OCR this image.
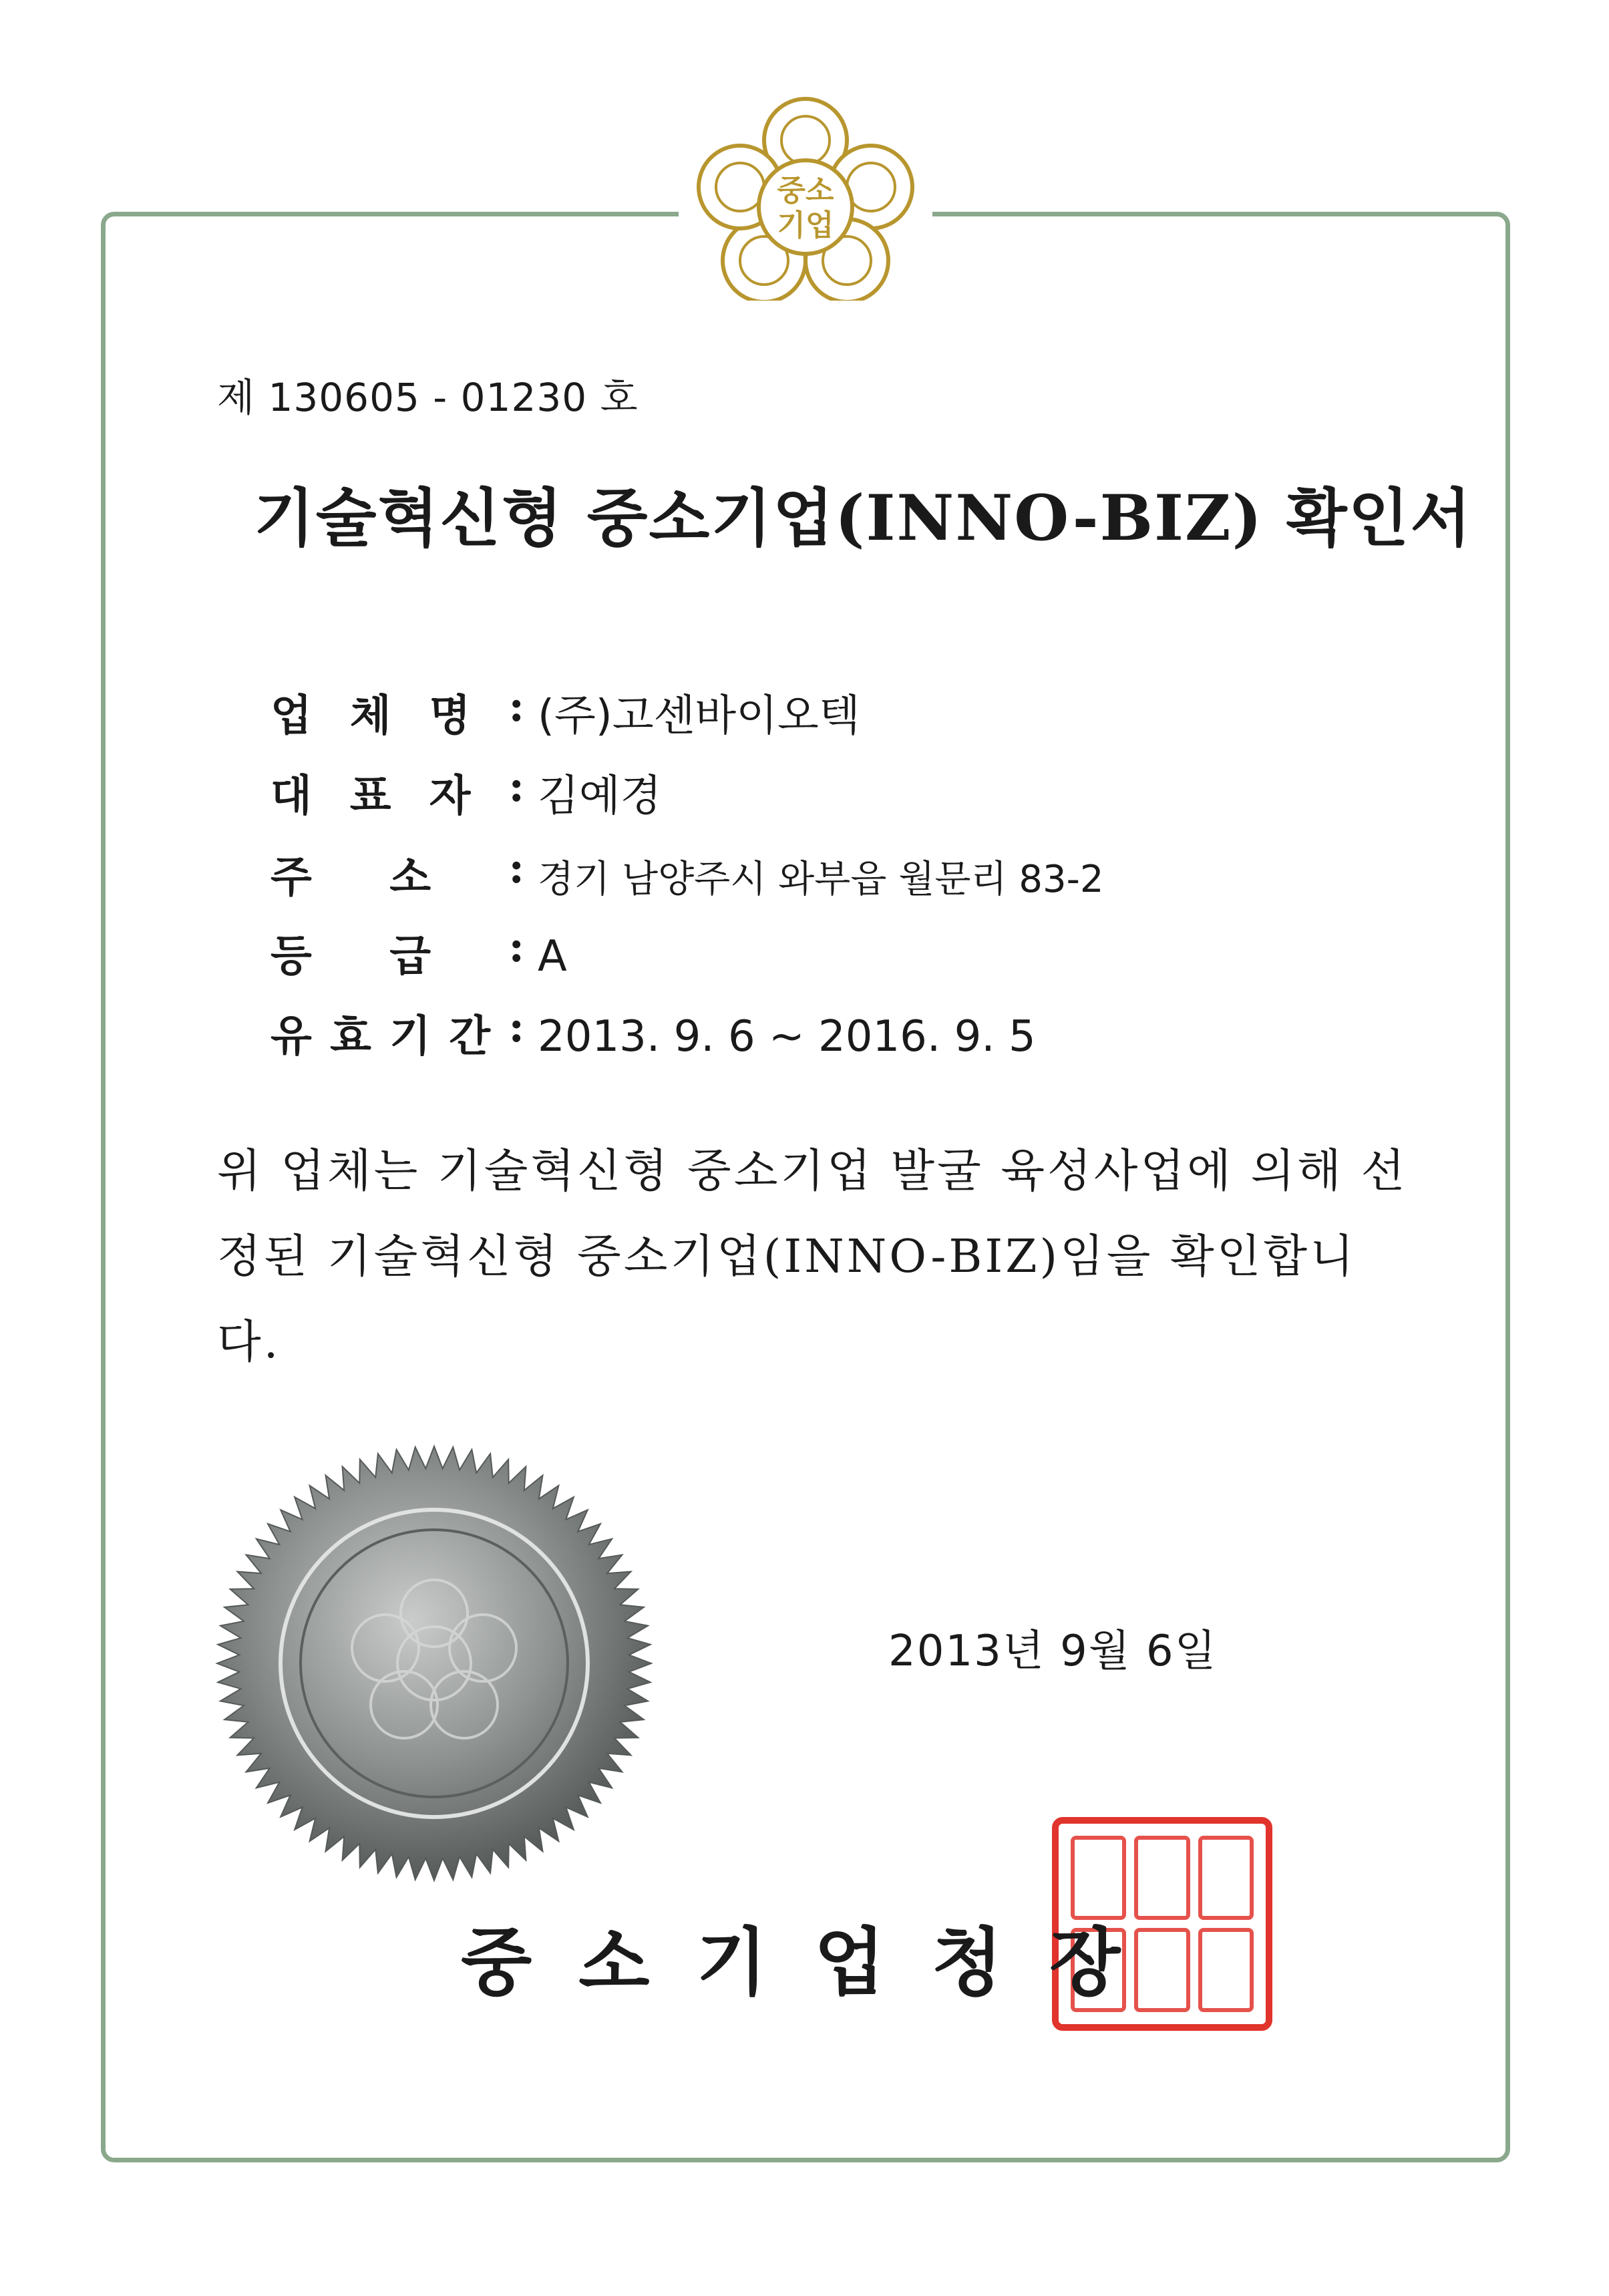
중소
기업
제 130605 - 01230 호
기술혁신형 중소기업(INNO-BIZ) 확인서
업 체 명 : (주)고센바이오텍
대 표 자 : 김예경
주 소 : 경기 남양주시 와부읍 월문리 83-2
등 급 : A
유 효 기 간 : 2013. 9. 6 ~ 2016. 9. 5
위 업체는 기술혁신형 중소기업 발굴 육성사업에 의해 선정된 기술혁신형 중소기업(INNO-BIZ)임을 확인합니다.
2013년 9월 6일
중소기업청장
